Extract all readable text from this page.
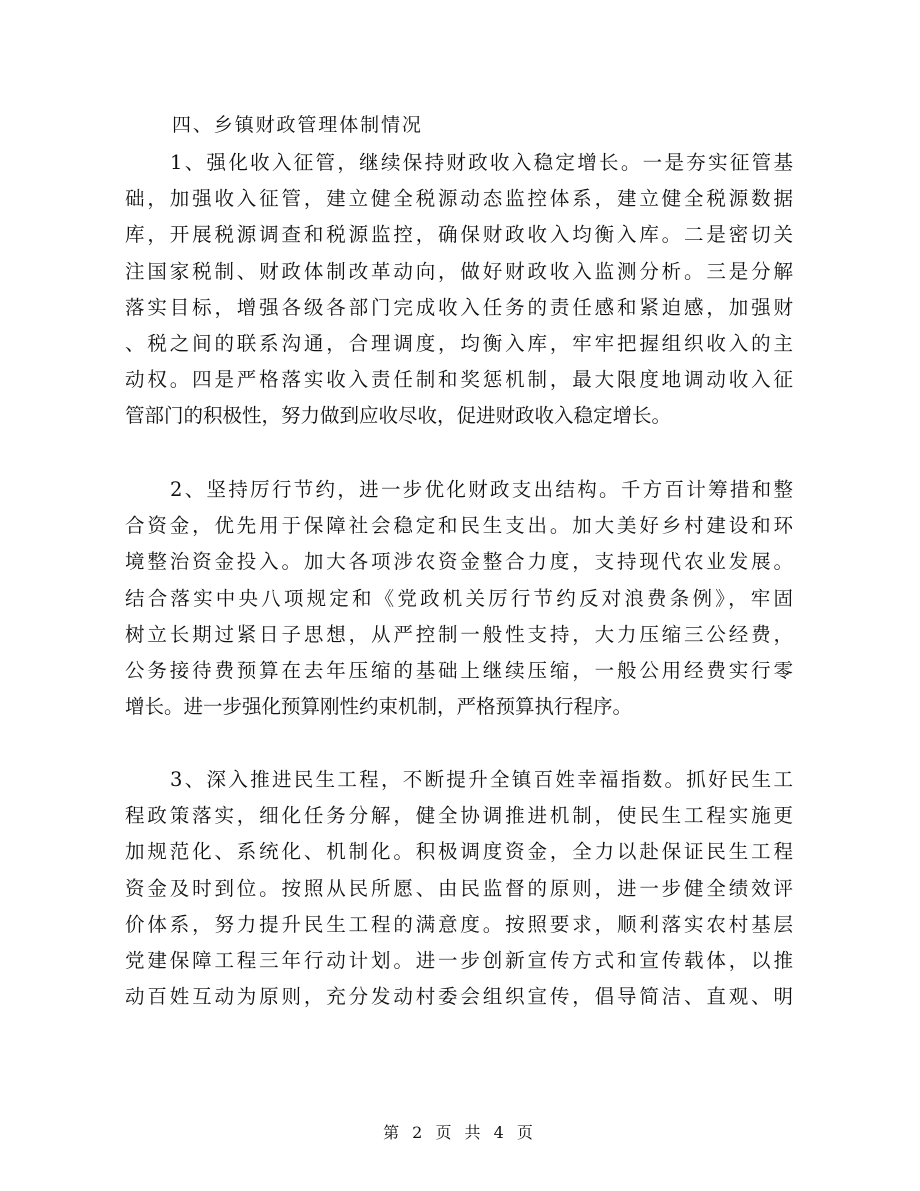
四、乡镇财政管理体制情况
1、强化收入征管，继续保持财政收入稳定增长。一是夯实征管基
础，加强收入征管，建立健全税源动态监控体系，建立健全税源数据
库，开展税源调查和税源监控，确保财政收入均衡入库。二是密切关
注国家税制、财政体制改革动向，做好财政收入监测分析。三是分解
落实目标，增强各级各部门完成收入任务的责任感和紧迫感，加强财
、税之间的联系沟通，合理调度，均衡入库，牢牢把握组织收入的主
动权。四是严格落实收入责任制和奖惩机制，最大限度地调动收入征
管部门的积极性，努力做到应收尽收，促进财政收入稳定增长。
2、坚持厉行节约，进一步优化财政支出结构。千方百计筹措和整
合资金，优先用于保障社会稳定和民生支出。加大美好乡村建设和环
境整治资金投入。加大各项涉农资金整合力度，支持现代农业发展。
结合落实中央八项规定和《党政机关厉行节约反对浪费条例》，牢固
树立长期过紧日子思想，从严控制一般性支持，大力压缩三公经费，
公务接待费预算在去年压缩的基础上继续压缩，一般公用经费实行零
增长。进一步强化预算刚性约束机制，严格预算执行程序。
3、深入推进民生工程，不断提升全镇百姓幸福指数。抓好民生工
程政策落实，细化任务分解，健全协调推进机制，使民生工程实施更
加规范化、系统化、机制化。积极调度资金，全力以赴保证民生工程
资金及时到位。按照从民所愿、由民监督的原则，进一步健全绩效评
价体系，努力提升民生工程的满意度。按照要求，顺利落实农村基层
党建保障工程三年行动计划。进一步创新宣传方式和宣传载体，以推
动百姓互动为原则，充分发动村委会组织宣传，倡导简洁、直观、明
第 2 页 共 4 页
